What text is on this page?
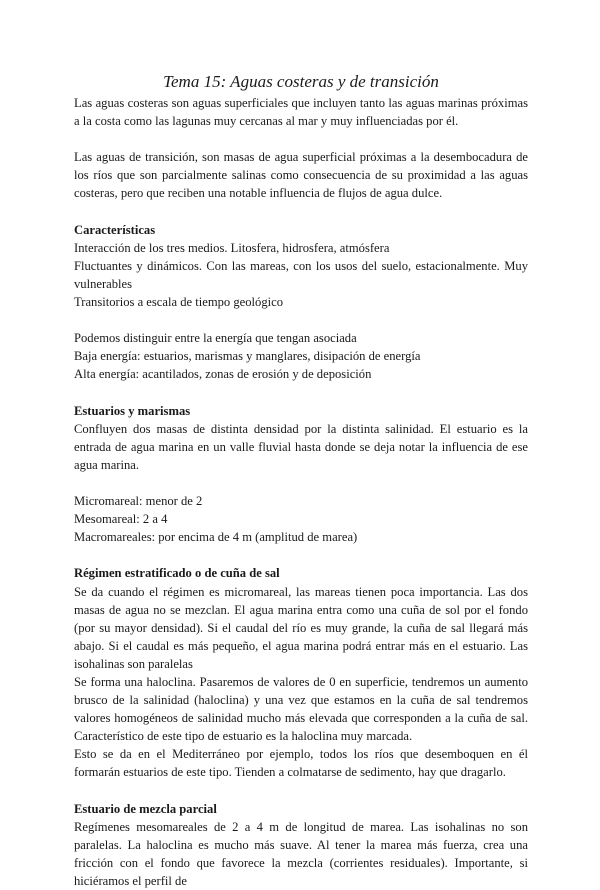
Tema 15: Aguas costeras y de transición

Las aguas costeras son aguas superficiales que incluyen tanto las aguas marinas próximas a la costa como las lagunas muy cercanas al mar y muy influenciadas por él.

Las aguas de transición, son masas de agua superficial próximas a la desembocadura de los ríos que son parcialmente salinas como consecuencia de su proximidad a las aguas costeras, pero que reciben una notable influencia de flujos de agua dulce.

Características

Interacción de los tres medios. Litosfera, hidrosfera, atmósfera

Fluctuantes y dinámicos. Con las mareas, con los usos del suelo, estacionalmente. Muy vulnerables

Transitorios a escala de tiempo geológico

Podemos distinguir entre la energía que tengan asociada

Baja energía: estuarios, marismas y manglares, disipación de energía

Alta energía: acantilados, zonas de erosión y de deposición

Estuarios y marismas

Confluyen dos masas de distinta densidad por la distinta salinidad. El estuario es la entrada de agua marina en un valle fluvial hasta donde se deja notar la influencia de ese agua marina.

Micromareal: menor de 2

Mesomareal: 2 a 4

Macromareales: por encima de 4 m (amplitud de marea)

Régimen estratificado o de cuña de sal

Se da cuando el régimen es micromareal, las mareas tienen poca importancia. Las dos masas de agua no se mezclan. El agua marina entra como una cuña de sol por el fondo (por su mayor densidad). Si el caudal del río es muy grande, la cuña de sal llegará más abajo. Si el caudal es más pequeño, el agua marina podrá entrar más en el estuario. Las isohalinas son paralelas

Se forma una haloclina. Pasaremos de valores de 0 en superficie, tendremos un aumento brusco de la salinidad (haloclina) y una vez que estamos en la cuña de sal tendremos valores homogéneos de salinidad mucho más elevada que corresponden a la cuña de sal. Característico de este tipo de estuario es la haloclina muy marcada.

Esto se da en el Mediterráneo por ejemplo, todos los ríos que desemboquen en él formarán estuarios de este tipo. Tienden a colmatarse de sedimento, hay que dragarlo.

Estuario de mezcla parcial

Regímenes mesomareales de 2 a 4 m de longitud de marea. Las isohalinas no son paralelas. La haloclina es mucho más suave. Al tener la marea más fuerza, crea una fricción con el fondo que favorece la mezcla (corrientes residuales). Importante, si hiciéramos el perfil de
